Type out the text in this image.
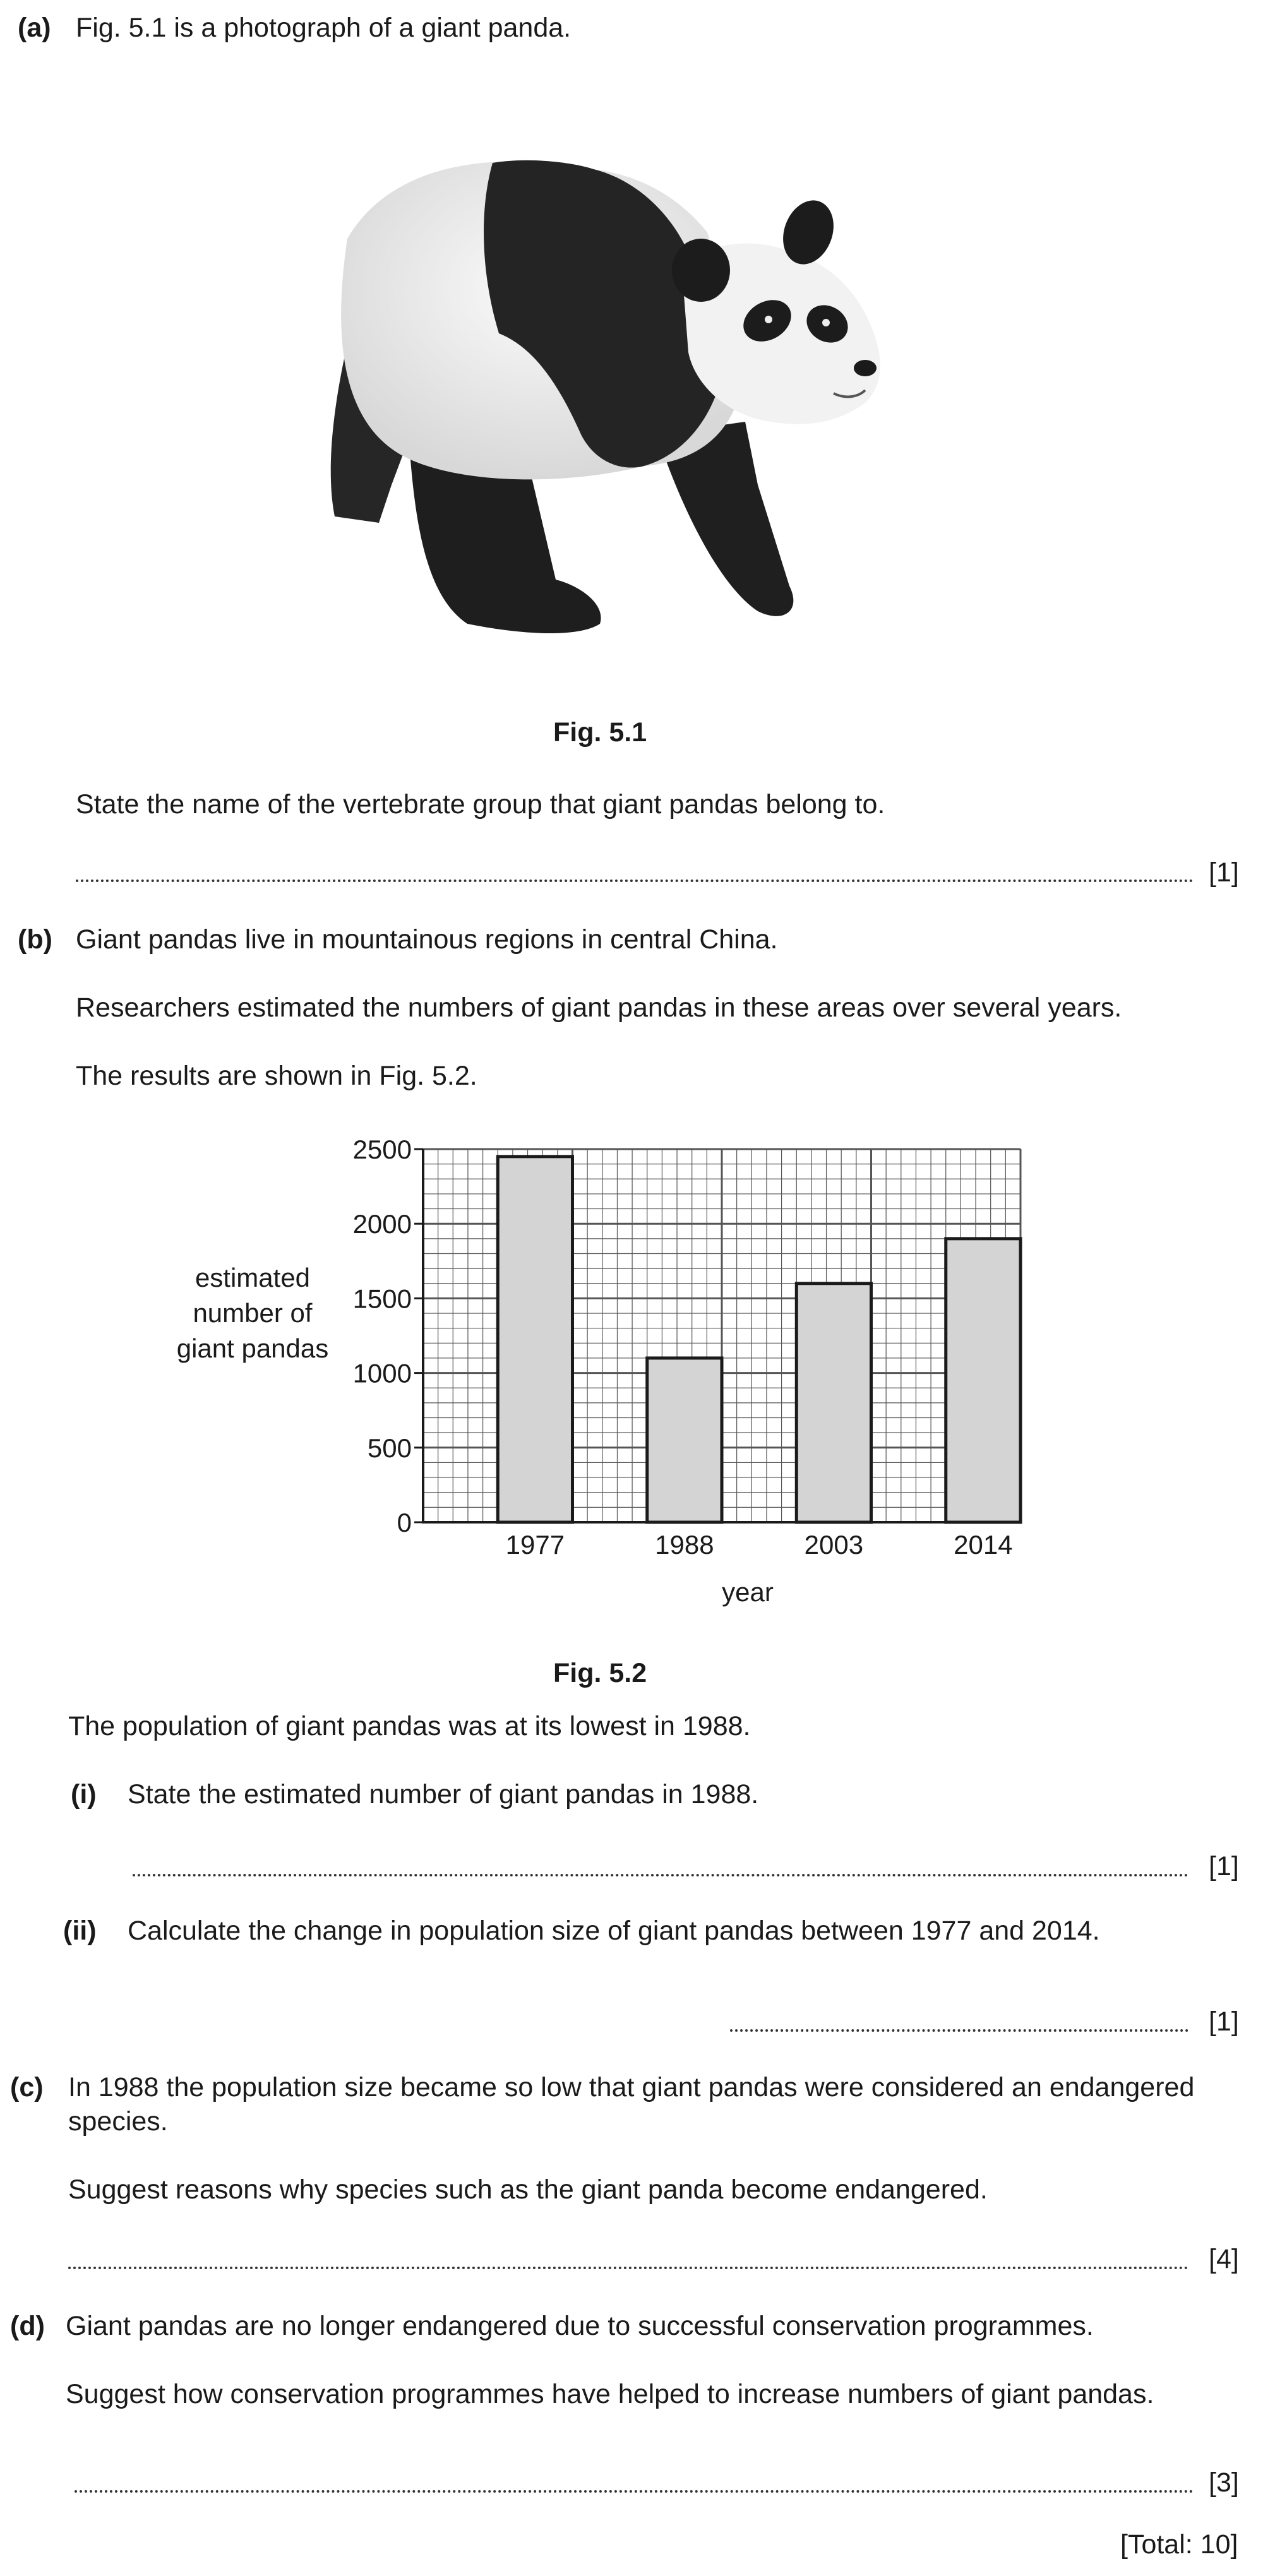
(a) Fig. 5.1 is a photograph of a giant panda.
Fig. 5.1
State the name of the vertebrate group that giant pandas belong to.
[1]
(b) Giant pandas live in mountainous regions in central China.
Researchers estimated the numbers of giant pandas in these areas over several years.
The results are shown in Fig. 5.2.
0
500
1000
1500
2000
2500
1977	1988	2003	2014
estimated
number of
giant pandas
year
Fig. 5.2
The population of giant pandas was at its lowest in 1988.
(i) State the estimated number of giant pandas in 1988.
[1]
(ii) Calculate the change in population size of giant pandas between 1977 and 2014.
[1]
(c) In 1988 the population size became so low that giant pandas were considered an endangered
species.
Suggest reasons why species such as the giant panda become endangered.
[4]
(d) Giant pandas are no longer endangered due to successful conservation programmes.
Suggest how conservation programmes have helped to increase numbers of giant pandas.
[3]
[Total: 10]
